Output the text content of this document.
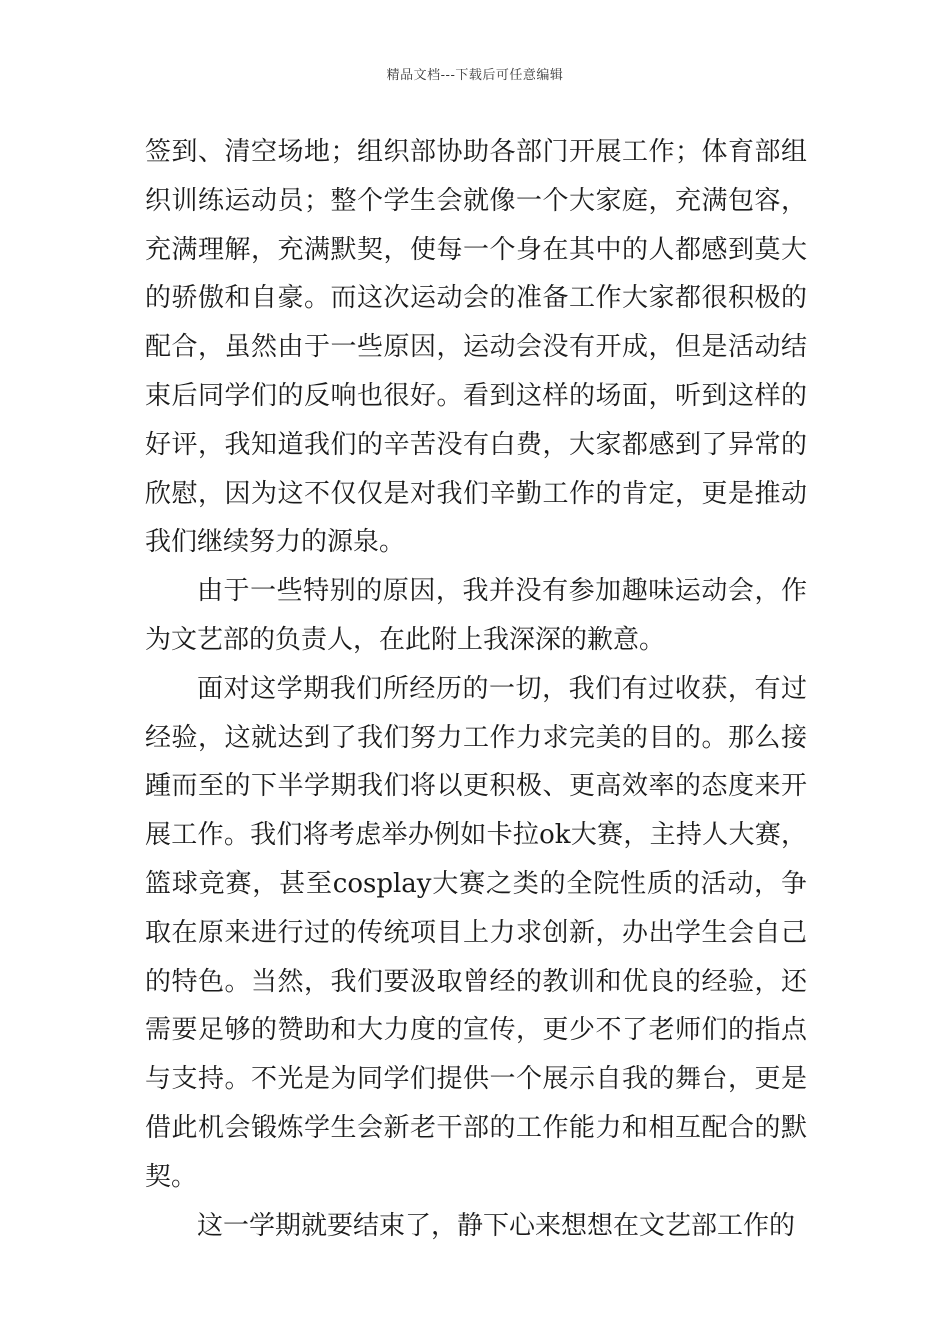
精品文档---下载后可任意编辑

签到、清空场地；组织部协助各部门开展工作；体育部组织训练运动员；整个学生会就像一个大家庭，充满包容，充满理解，充满默契，使每一个身在其中的人都感到莫大的骄傲和自豪。而这次运动会的准备工作大家都很积极的配合，虽然由于一些原因，运动会没有开成，但是活动结束后同学们的反响也很好。看到这样的场面，听到这样的好评，我知道我们的辛苦没有白费，大家都感到了异常的欣慰，因为这不仅仅是对我们辛勤工作的肯定，更是推动我们继续努力的源泉。

由于一些特别的原因，我并没有参加趣味运动会，作为文艺部的负责人，在此附上我深深的歉意。

面对这学期我们所经历的一切，我们有过收获，有过经验，这就达到了我们努力工作力求完美的目的。那么接踵而至的下半学期我们将以更积极、更高效率的态度来开展工作。我们将考虑举办例如卡拉ok大赛，主持人大赛，篮球竞赛，甚至cosplay大赛之类的全院性质的活动，争取在原来进行过的传统项目上力求创新，办出学生会自己的特色。当然，我们要汲取曾经的教训和优良的经验，还需要足够的赞助和大力度的宣传，更少不了老师们的指点与支持。不光是为同学们提供一个展示自我的舞台，更是借此机会锻炼学生会新老干部的工作能力和相互配合的默契。

这一学期就要结束了，静下心来想想在文艺部工作的
